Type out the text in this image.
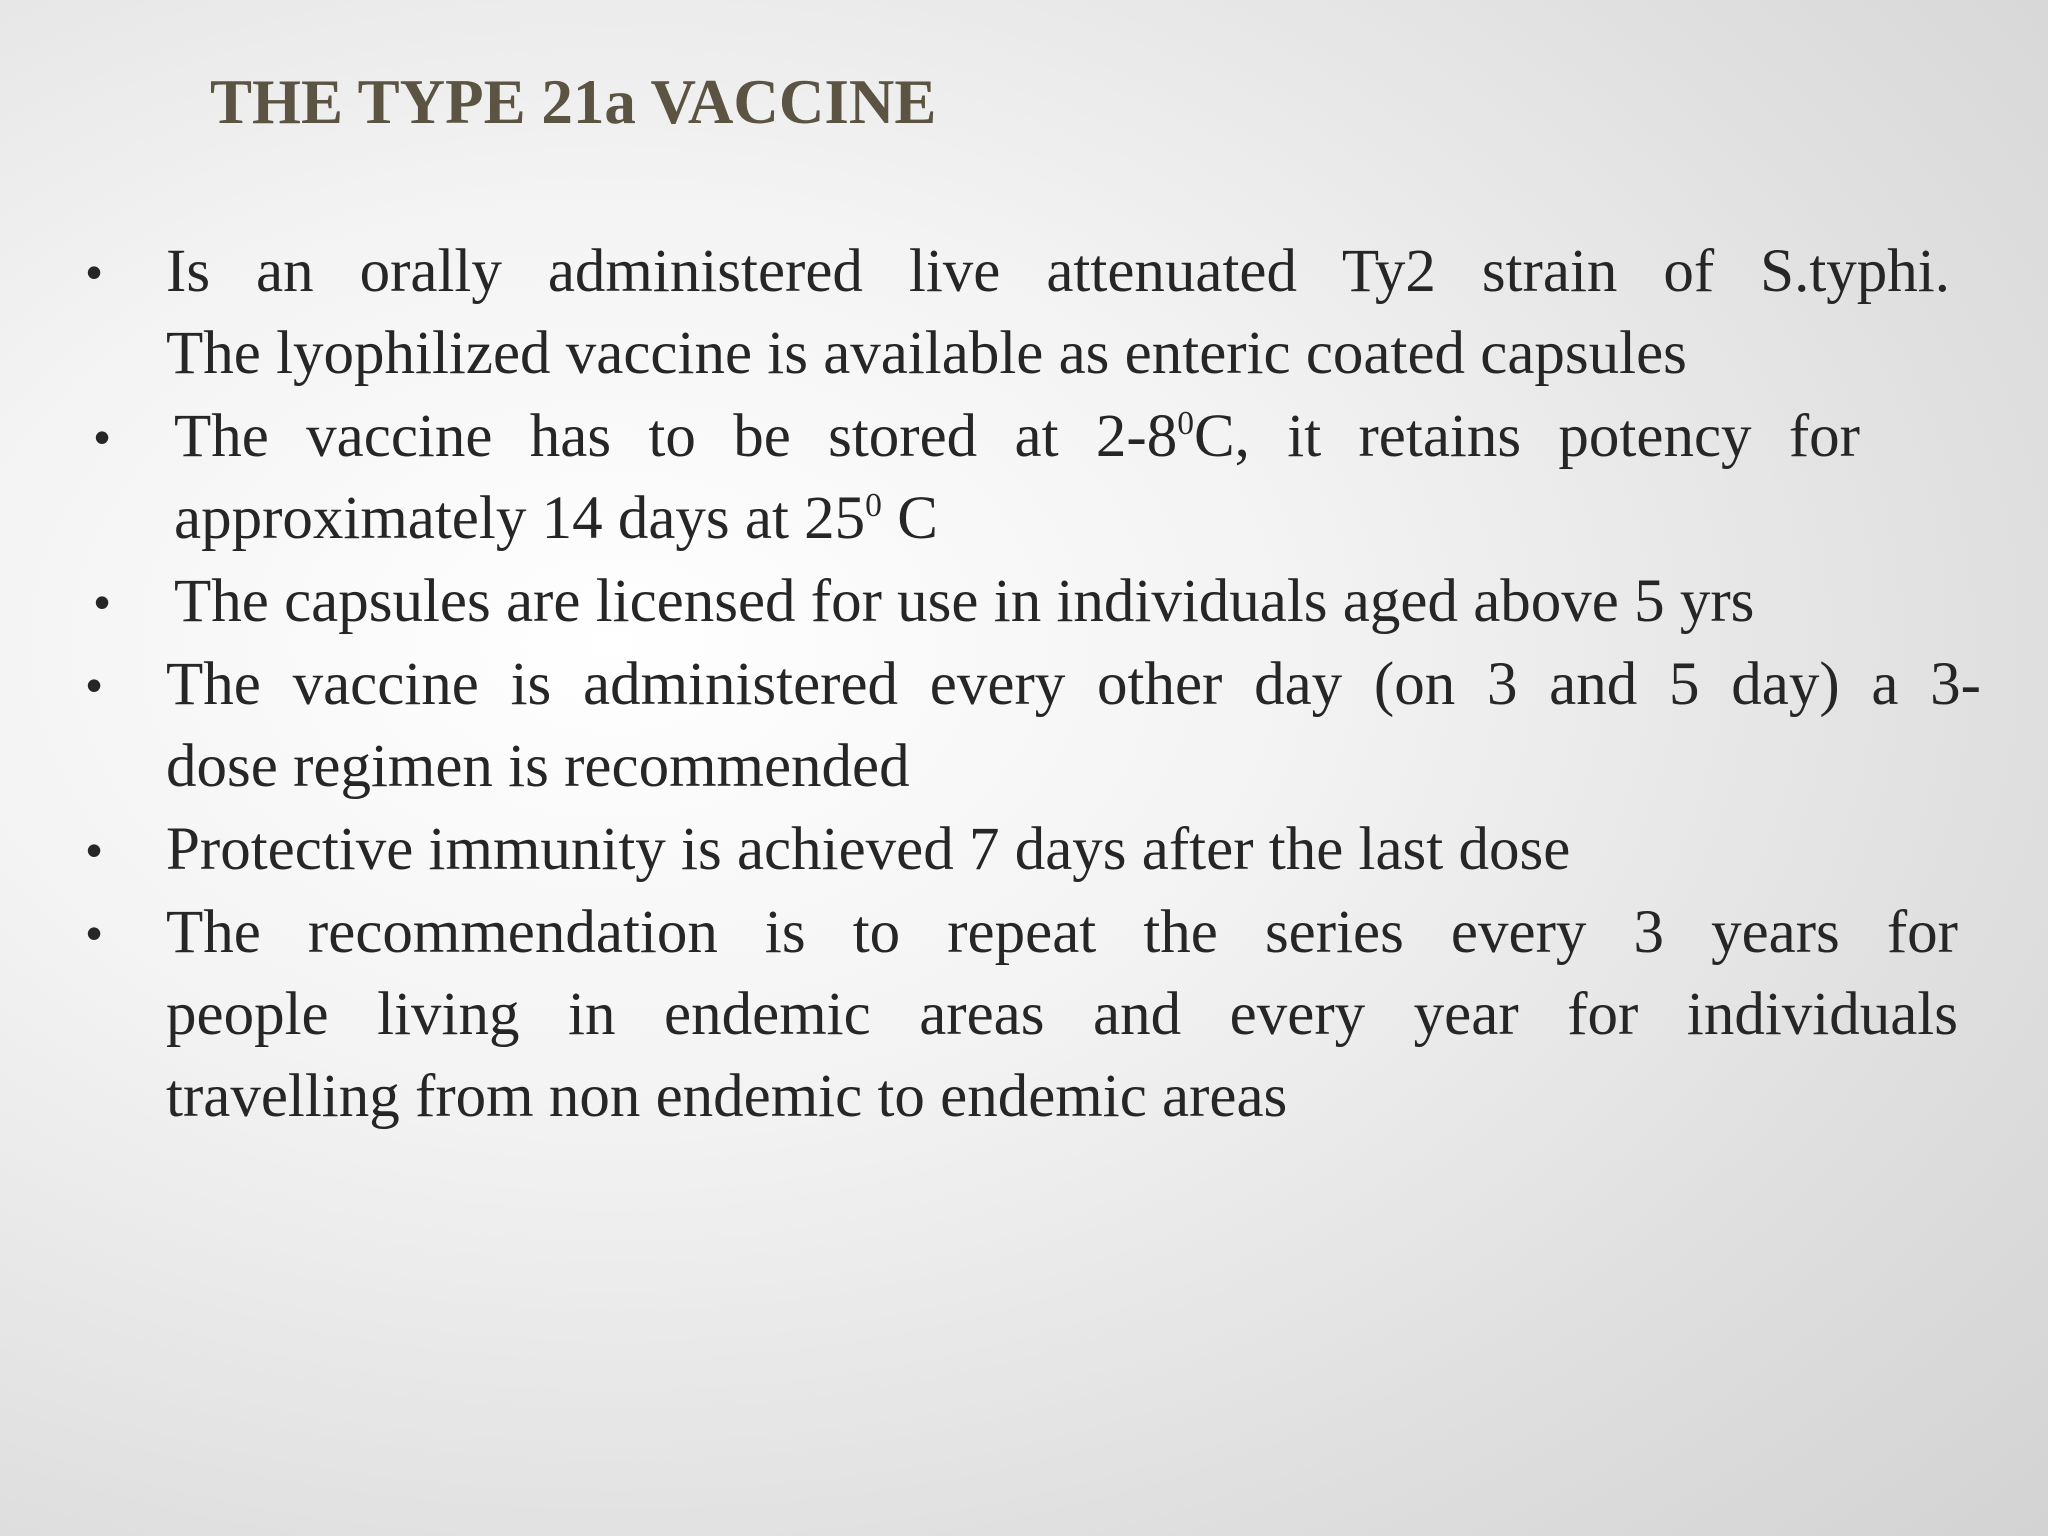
THE TYPE 21a VACCINE
• Is an orally administered live attenuated Ty2 strain of S.typhi.
The lyophilized vaccine is available as enteric coated capsules
• The vaccine has to be stored at $2-8^0C$, it retains potency for
approximately 14 days at $25^0$ C
• The capsules are licensed for use in individuals aged above 5 yrs
• The vaccine is administered every other day (on 3 and 5 day) a 3-
dose regimen is recommended
• Protective immunity is achieved 7 days after the last dose
• The recommendation is to repeat the series every 3 years for
people living in endemic areas and every year for individuals
travelling from non endemic to endemic areas
